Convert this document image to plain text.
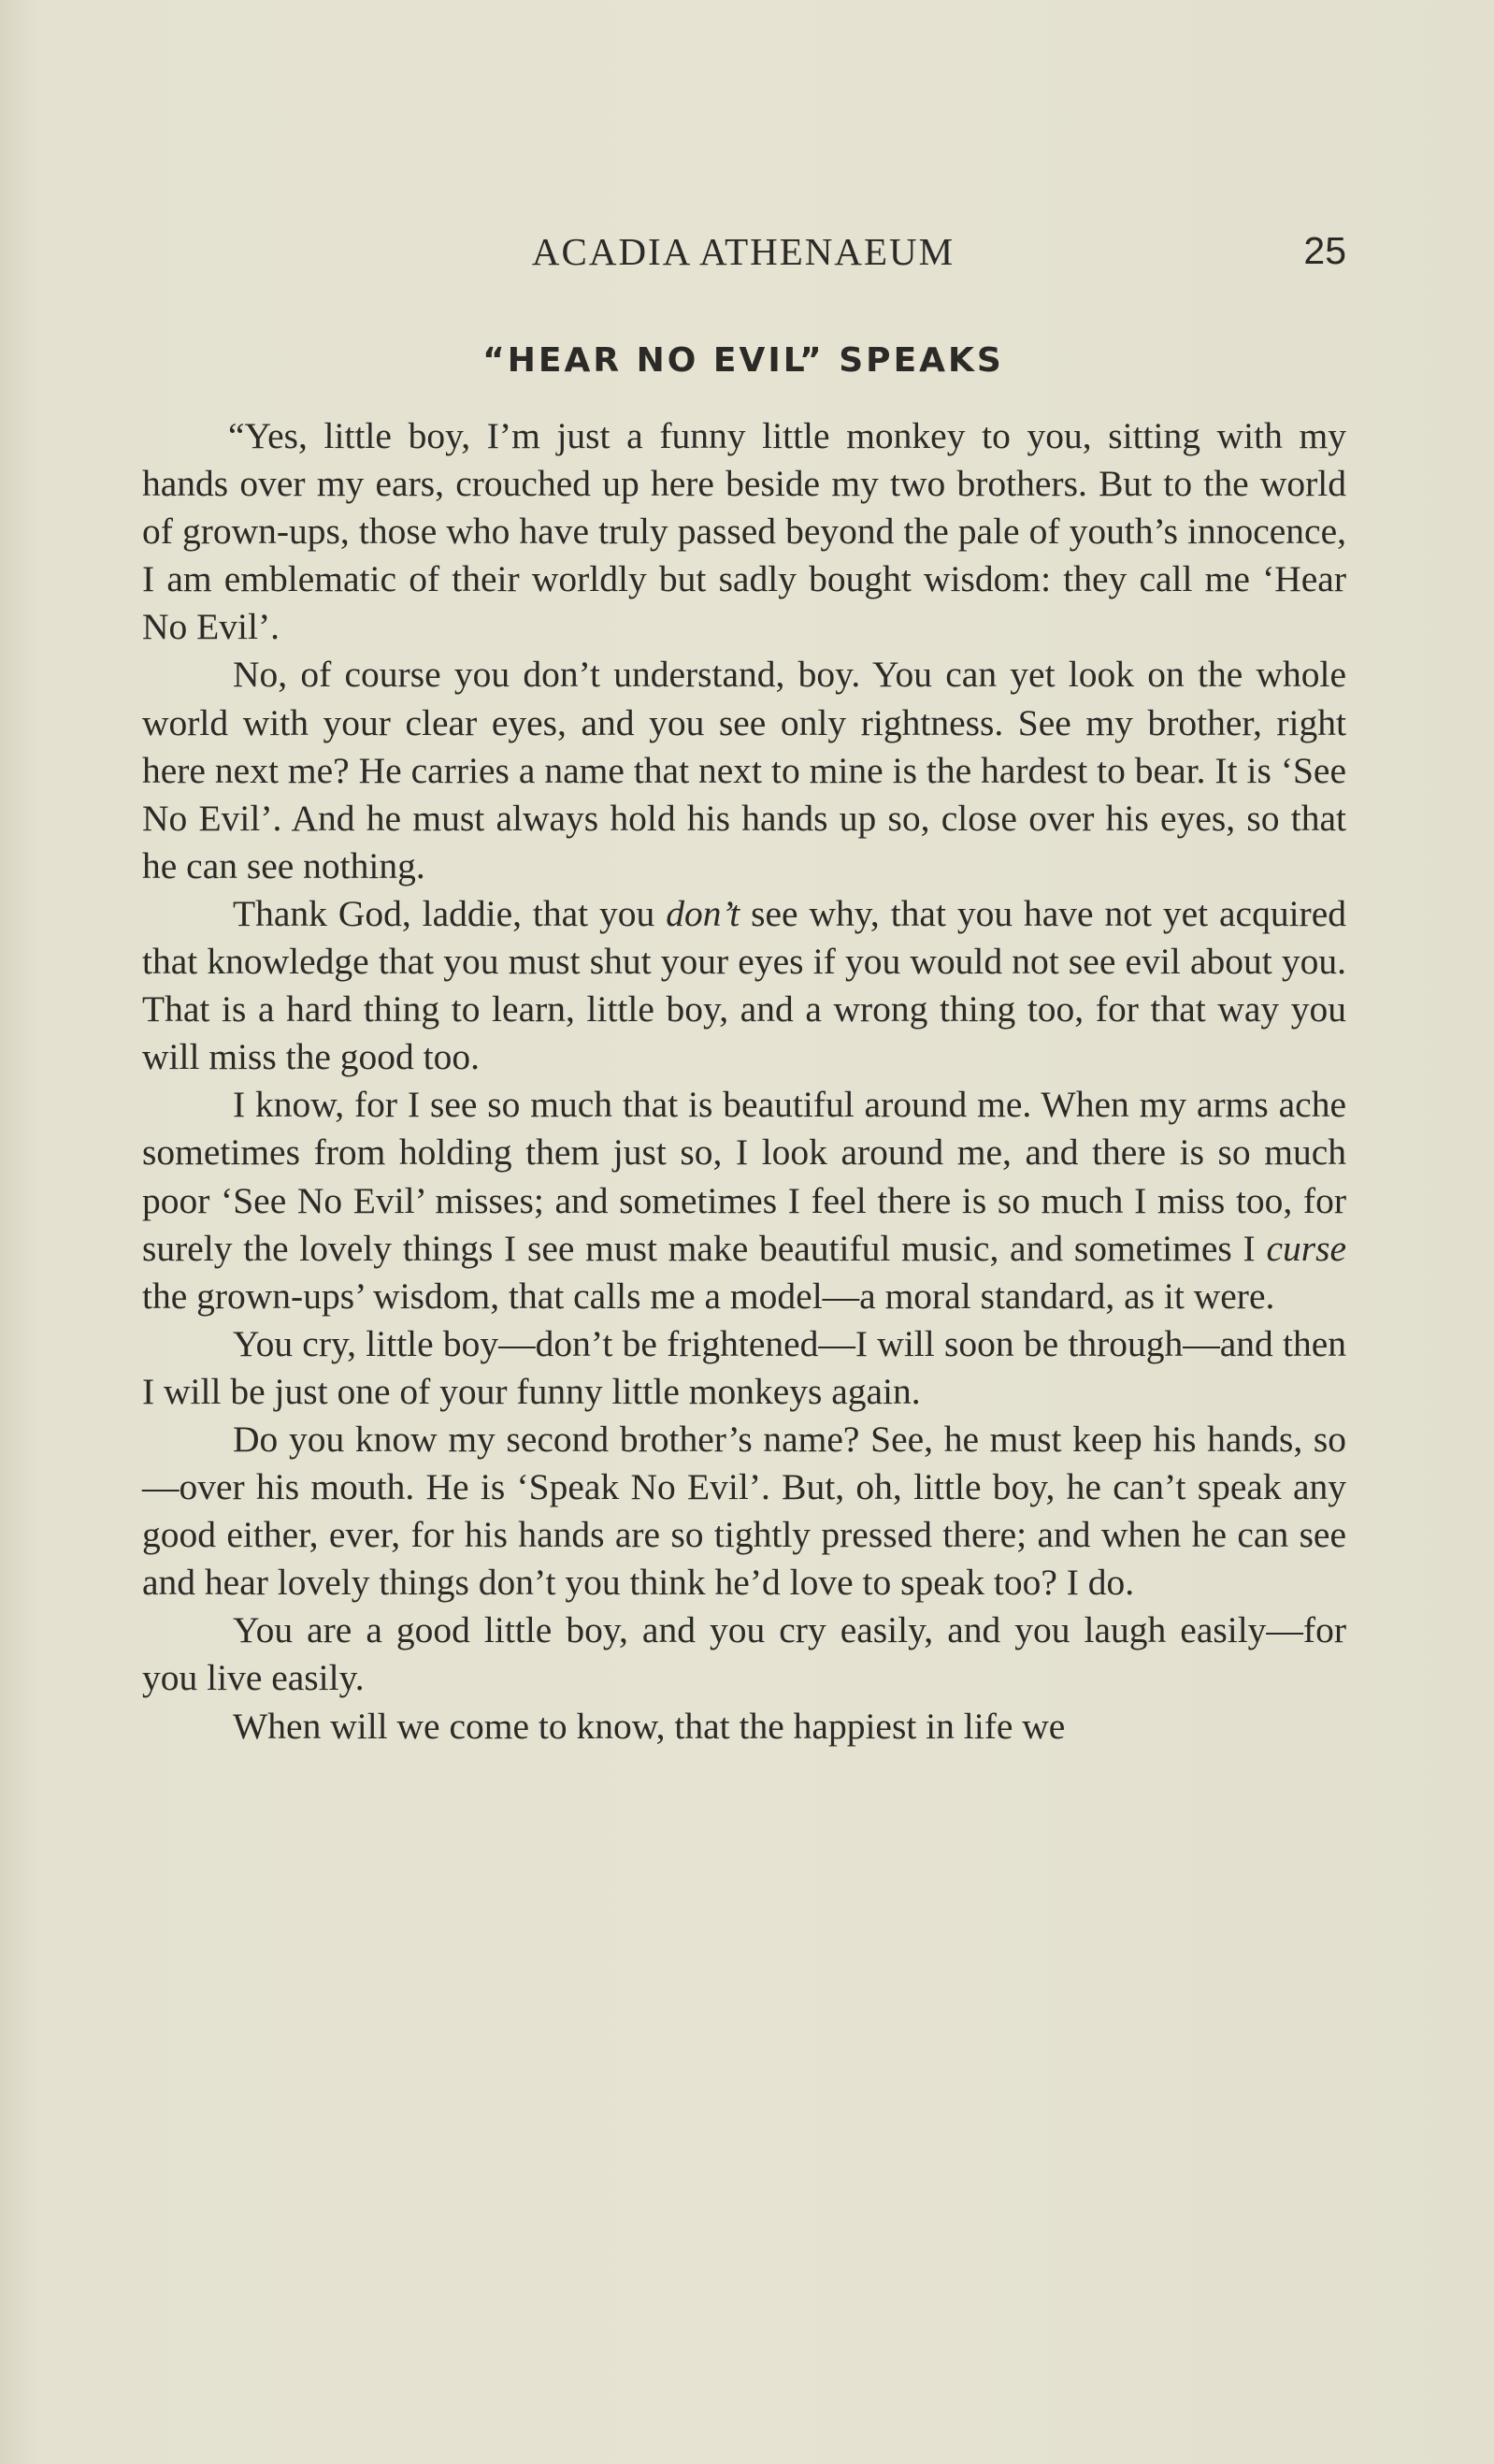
ACADIA ATHENAEUM	25
“HEAR NO EVIL” SPEAKS

“Yes, little boy, I’m just a funny little monkey to you, sitting with my hands over my ears, crouched up here beside my two brothers. But to the world of grown-ups, those who have truly passed beyond the pale of youth’s innocence, I am emblematic of their worldly but sadly bought wisdom: they call me ‘Hear No Evil’.

No, of course you don’t understand, boy. You can yet look on the whole world with your clear eyes, and you see only rightness. See my brother, right here next me? He carries a name that next to mine is the hardest to bear. It is ‘See No Evil’. And he must always hold his hands up so, close over his eyes, so that he can see nothing.

Thank God, laddie, that you don’t see why, that you have not yet acquired that knowledge that you must shut your eyes if you would not see evil about you. That is a hard thing to learn, little boy, and a wrong thing too, for that way you will miss the good too.

I know, for I see so much that is beautiful around me. When my arms ache sometimes from holding them just so, I look around me, and there is so much poor ‘See No Evil’ misses; and sometimes I feel there is so much I miss too, for surely the lovely things I see must make beautiful music, and sometimes I curse the grown-ups’ wisdom, that calls me a model—a moral standard, as it were.

You cry, little boy—don’t be frightened—I will soon be through—and then I will be just one of your funny little monkeys again.

Do you know my second brother’s name? See, he must keep his hands, so—over his mouth. He is ‘Speak No Evil’. But, oh, little boy, he can’t speak any good either, ever, for his hands are so tightly pressed there; and when he can see and hear lovely things don’t you think he’d love to speak too? I do.

You are a good little boy, and you cry easily, and you laugh easily—for you live easily.

When will we come to know, that the happiest in life we
